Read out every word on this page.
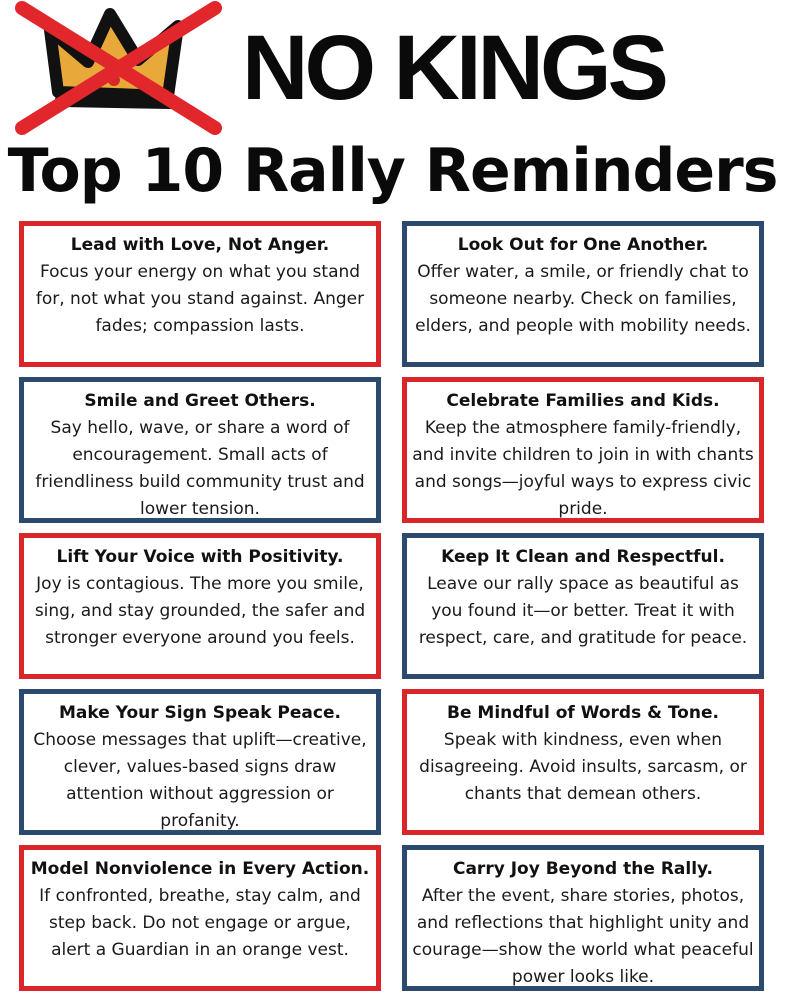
NO KINGS
Top 10 Rally Reminders
Lead with Love, Not Anger.
Focus your energy on what you stand for, not what you stand against. Anger fades; compassion lasts.
Look Out for One Another.
Offer water, a smile, or friendly chat to someone nearby. Check on families, elders, and people with mobility needs.
Smile and Greet Others.
Say hello, wave, or share a word of encouragement. Small acts of friendliness build community trust and lower tension.
Celebrate Families and Kids.
Keep the atmosphere family-friendly, and invite children to join in with chants and songs—joyful ways to express civic pride.
Lift Your Voice with Positivity.
Joy is contagious. The more you smile, sing, and stay grounded, the safer and stronger everyone around you feels.
Keep It Clean and Respectful.
Leave our rally space as beautiful as you found it—or better. Treat it with respect, care, and gratitude for peace.
Make Your Sign Speak Peace.
Choose messages that uplift—creative, clever, values-based signs draw attention without aggression or profanity.
Be Mindful of Words & Tone.
Speak with kindness, even when disagreeing. Avoid insults, sarcasm, or chants that demean others.
Model Nonviolence in Every Action.
If confronted, breathe, stay calm, and step back. Do not engage or argue, alert a Guardian in an orange vest.
Carry Joy Beyond the Rally.
After the event, share stories, photos, and reflections that highlight unity and courage—show the world what peaceful power looks like.
